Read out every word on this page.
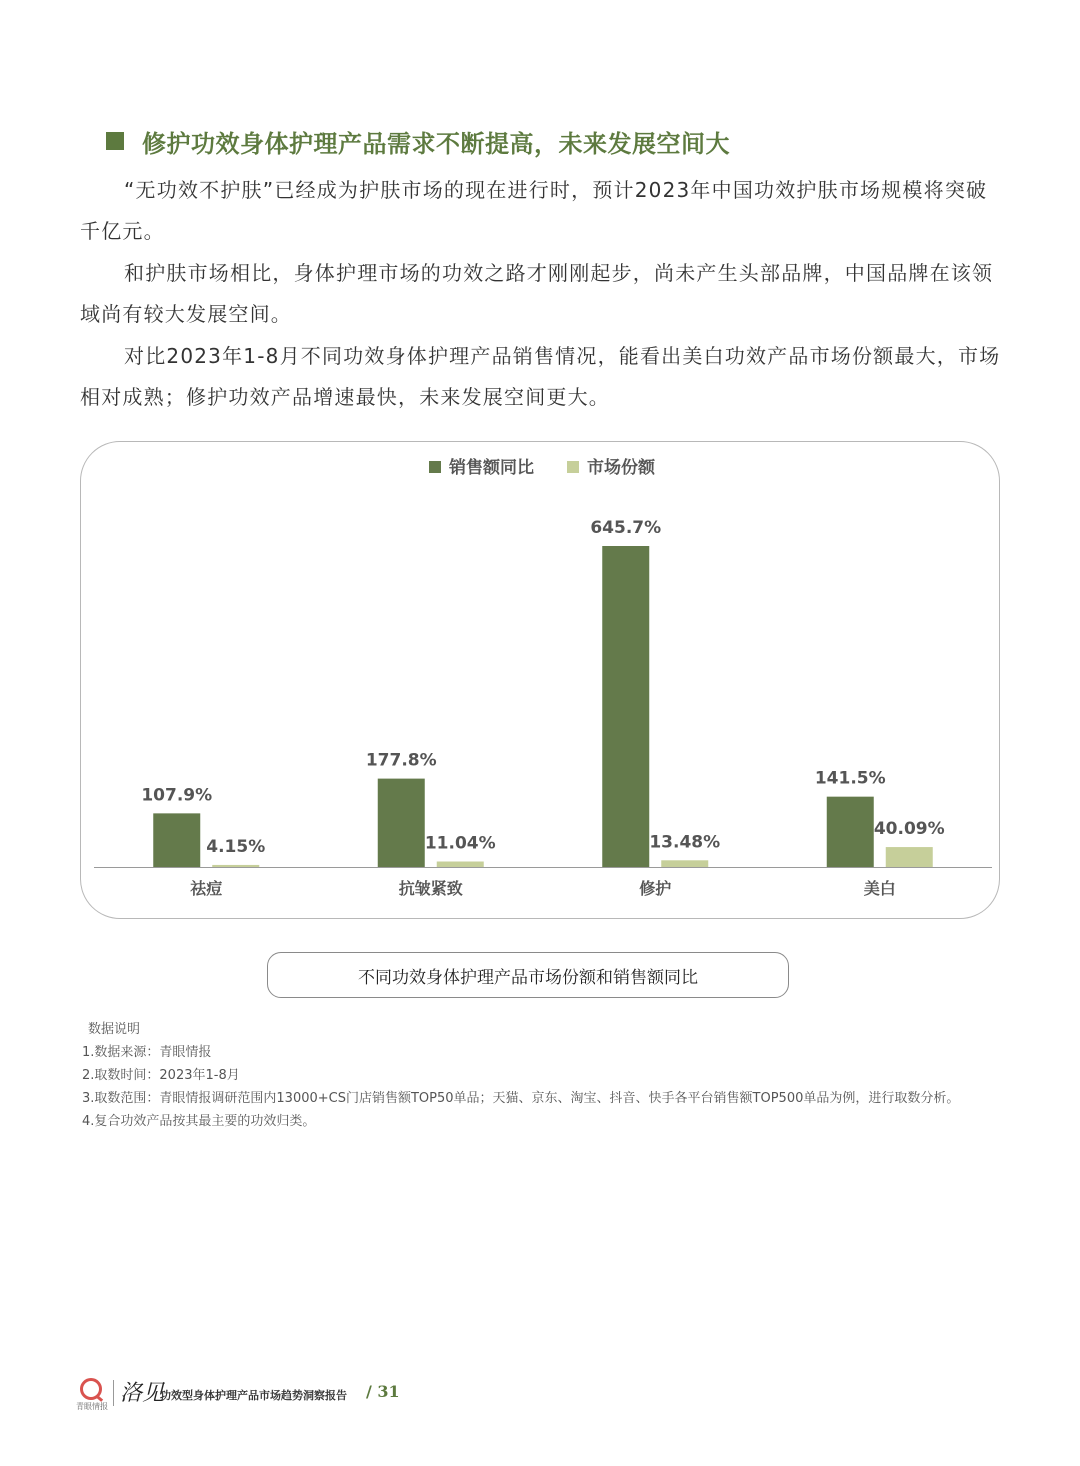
修护功效身体护理产品需求不断提高，未来发展空间大

“无功效不护肤”已经成为护肤市场的现在进行时，预计2023年中国功效护肤市场规模将突破千亿元。

和护肤市场相比，身体护理市场的功效之路才刚刚起步，尚未产生头部品牌，中国品牌在该领域尚有较大发展空间。

对比2023年1-8月不同功效身体护理产品销售情况，能看出美白功效产品市场份额最大，市场相对成熟；修护功效产品增速最快，未来发展空间更大。

销售额同比	市场份额
107.9%
4.15%
祛痘
177.8%
11.04%
抗皱紧致
645.7%
13.48%
修护
141.5%
40.09%
美白
不同功效身体护理产品市场份额和销售额同比
数据说明

1.数据来源：青眼情报

2.取数时间：2023年1-8月

3.取数范围：青眼情报调研范围内13000+CS门店销售额TOP50单品；天猫、京东、淘宝、抖音、快手各平台销售额TOP500单品为例，进行取数分析。

4.复合功效产品按其最主要的功效归类。

青眼情报
洛见
功效型身体护理产品市场趋势洞察报告 / 31
